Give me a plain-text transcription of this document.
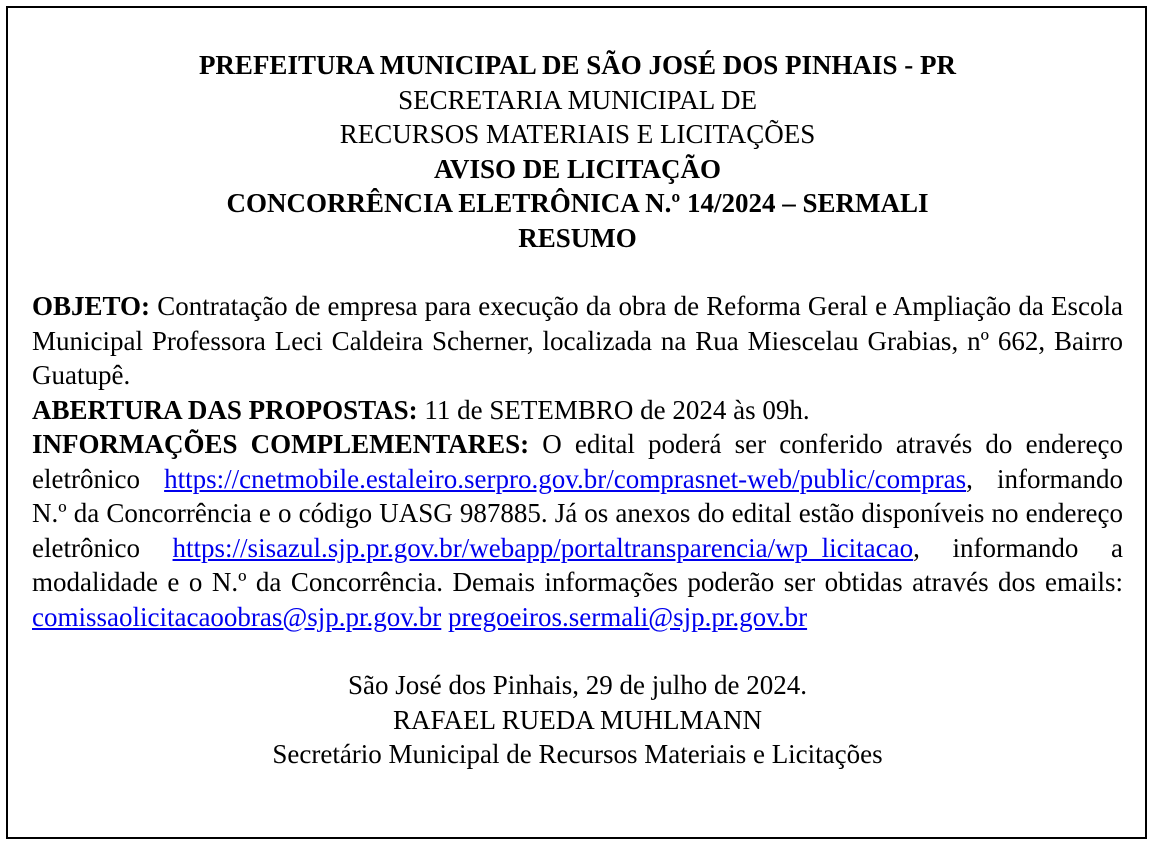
PREFEITURA MUNICIPAL DE SÃO JOSÉ DOS PINHAIS - PR
SECRETARIA MUNICIPAL DE
RECURSOS MATERIAIS E LICITAÇÕES
AVISO DE LICITAÇÃO
CONCORRÊNCIA ELETRÔNICA N.º 14/2024 – SERMALI
RESUMO

OBJETO: Contratação de empresa para execução da obra de Reforma Geral e Ampliação da Escola Municipal Professora Leci Caldeira Scherner, localizada na Rua Miescelau Grabias, nº 662, Bairro Guatupê.

ABERTURA DAS PROPOSTAS: 11 de SETEMBRO de 2024 às 09h.

INFORMAÇÕES COMPLEMENTARES: O edital poderá ser conferido através do endereço eletrônico https://cnetmobile.estaleiro.serpro.gov.br/comprasnet-web/public/compras, informando N.º da Concorrência e o código UASG 987885. Já os anexos do edital estão disponíveis no endereço eletrônico https://sisazul.sjp.pr.gov.br/webapp/portaltransparencia/wp_licitacao, informando a modalidade e o N.º da Concorrência. Demais informações poderão ser obtidas através dos emails: comissaolicitacaoobras@sjp.pr.gov.br pregoeiros.sermali@sjp.pr.gov.br

São José dos Pinhais, 29 de julho de 2024.
RAFAEL RUEDA MUHLMANN
Secretário Municipal de Recursos Materiais e Licitações
